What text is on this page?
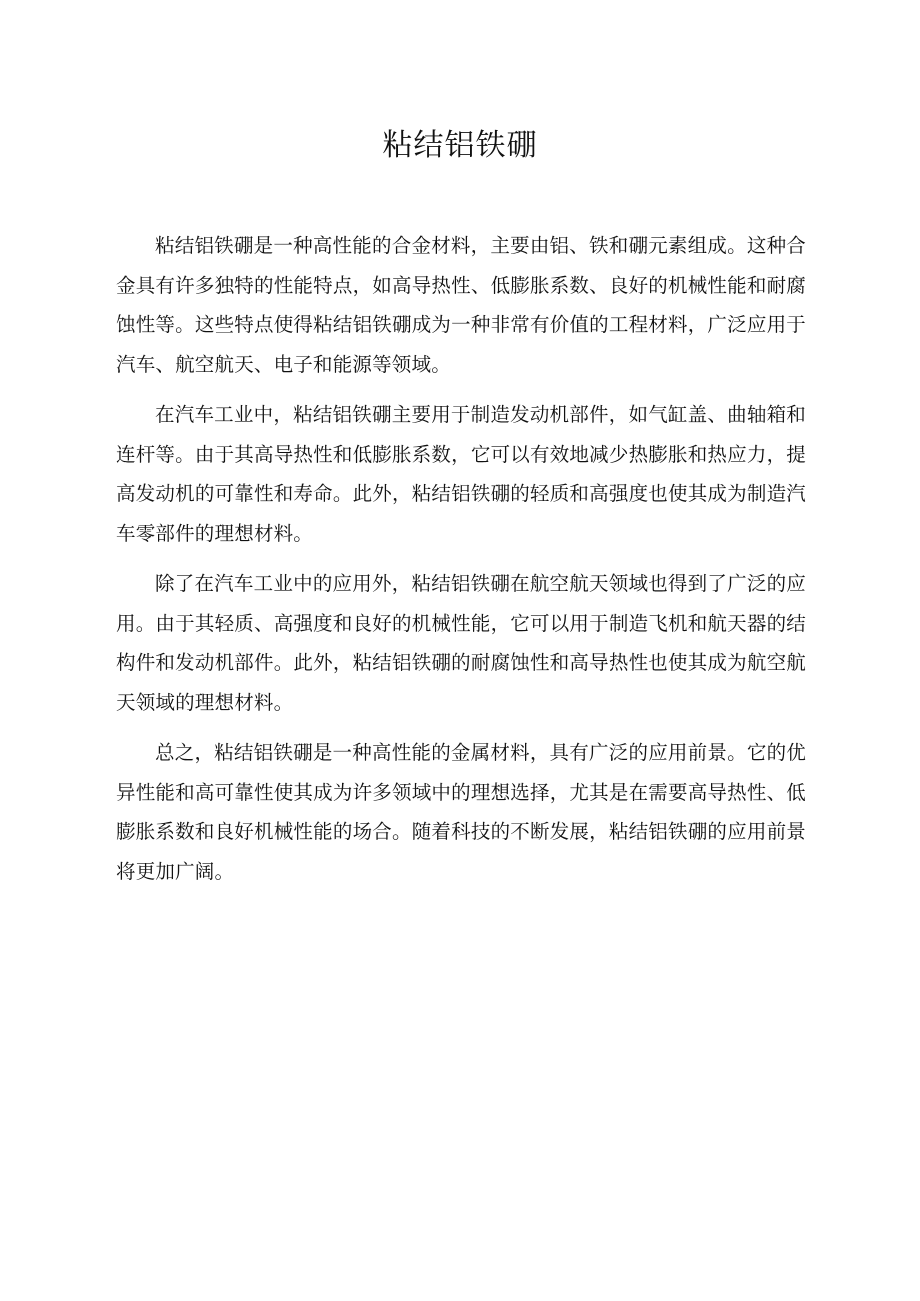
粘结铝铁硼

粘结铝铁硼是一种高性能的合金材料，主要由铝、铁和硼元素组成。这种合金具有许多独特的性能特点，如高导热性、低膨胀系数、良好的机械性能和耐腐蚀性等。这些特点使得粘结铝铁硼成为一种非常有价值的工程材料，广泛应用于汽车、航空航天、电子和能源等领域。

在汽车工业中，粘结铝铁硼主要用于制造发动机部件，如气缸盖、曲轴箱和连杆等。由于其高导热性和低膨胀系数，它可以有效地减少热膨胀和热应力，提高发动机的可靠性和寿命。此外，粘结铝铁硼的轻质和高强度也使其成为制造汽车零部件的理想材料。

除了在汽车工业中的应用外，粘结铝铁硼在航空航天领域也得到了广泛的应用。由于其轻质、高强度和良好的机械性能，它可以用于制造飞机和航天器的结构件和发动机部件。此外，粘结铝铁硼的耐腐蚀性和高导热性也使其成为航空航天领域的理想材料。

总之，粘结铝铁硼是一种高性能的金属材料，具有广泛的应用前景。它的优异性能和高可靠性使其成为许多领域中的理想选择，尤其是在需要高导热性、低膨胀系数和良好机械性能的场合。随着科技的不断发展，粘结铝铁硼的应用前景将更加广阔。
